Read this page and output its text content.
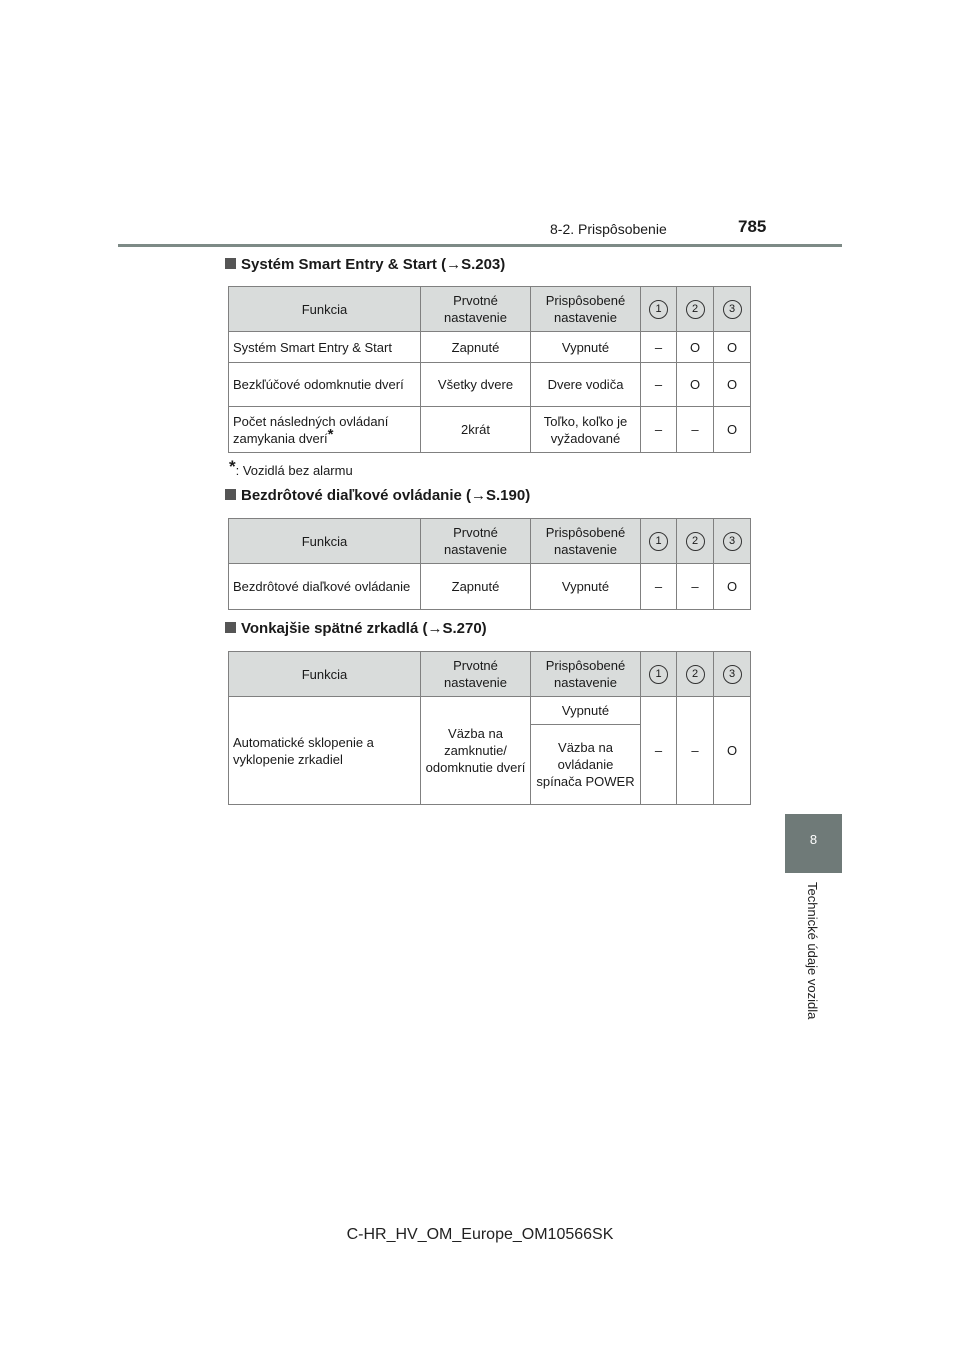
8-2. Prispôsobenie	785
8
Technické údaje vozidla
Systém Smart Entry & Start (→S.203)
Funkcia	Prvotné nastavenie	Prispôsobené nastavenie	1	2	3
Systém Smart Entry & Start	Zapnuté	Vypnuté	–	O	O
Bezkľúčové odomknutie dverí	Všetky dvere	Dvere vodiča	–	O	O
Počet následných ovládaní zamykania dverí*	2krát	Toľko, koľko je vyžadované	–	–	O
*: Vozidlá bez alarmu
Bezdrôtové diaľkové ovládanie (→S.190)
Funkcia	Prvotné nastavenie	Prispôsobené nastavenie	1	2	3
Bezdrôtové diaľkové ovládanie	Zapnuté	Vypnuté	–	–	O
Vonkajšie spätné zrkadlá (→S.270)
Funkcia	Prvotné nastavenie	Prispôsobené nastavenie	1	2	3
Automatické sklopenie a vyklopenie zrkadiel	Väzba na zamknutie/ odomknutie dverí	Vypnuté	–	–	O
		Väzba na ovládanie spínača POWER			
C-HR_HV_OM_Europe_OM10566SK
